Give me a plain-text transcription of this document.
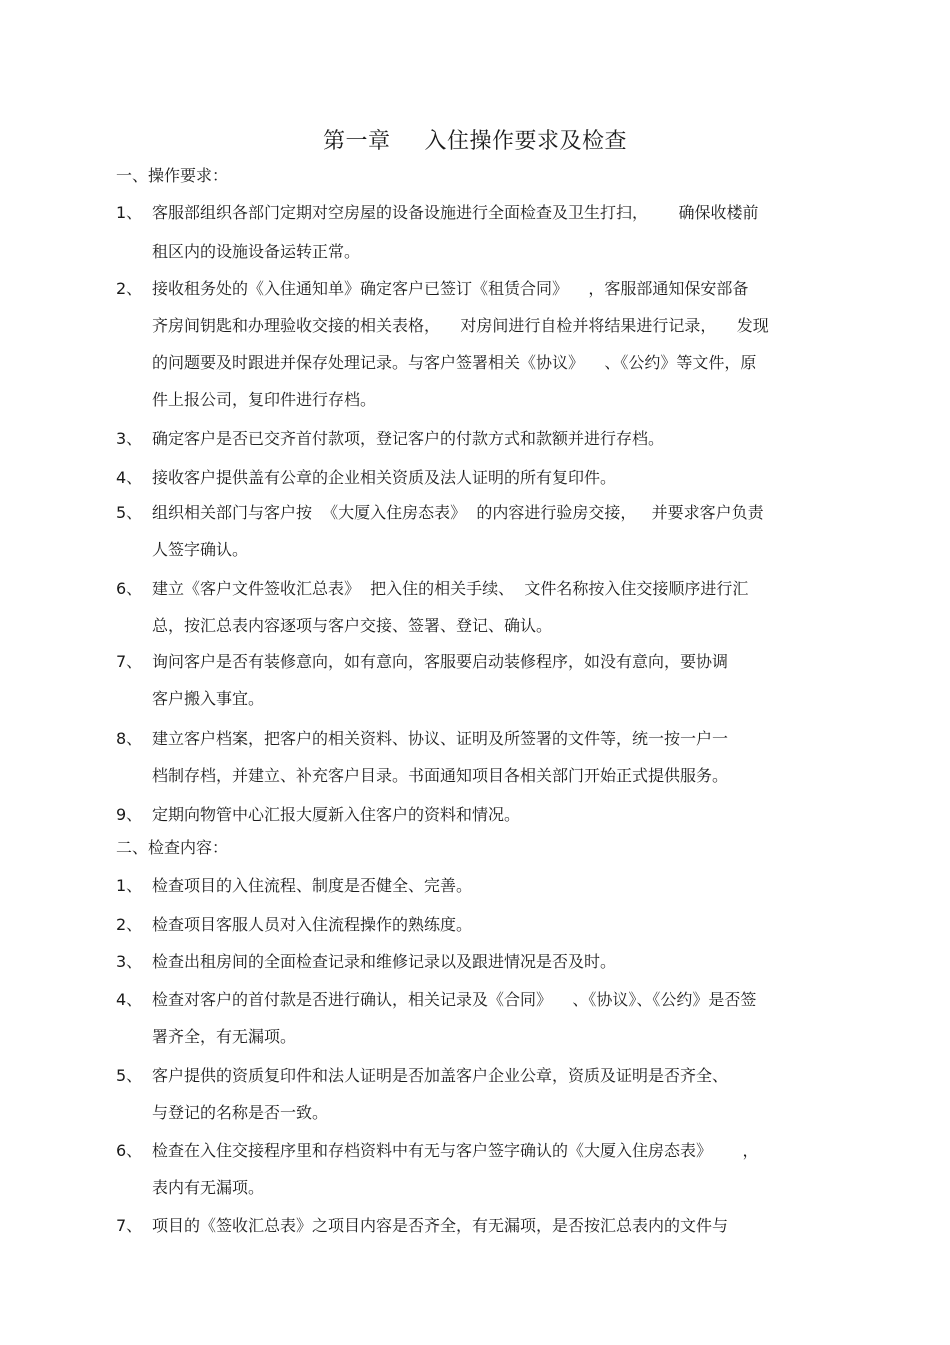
第一章 入住操作要求及检查
一、操作要求：
1、 客服部组织各部门定期对空房屋的设备设施进行全面检查及卫生打扫，      确保收楼前
租区内的设施设备运转正常。
2、 接收租务处的《入住通知单》确定客户已签订《租赁合同》    ，客服部通知保安部备
齐房间钥匙和办理验收交接的相关表格，    对房间进行自检并将结果进行记录，    发现
的问题要及时跟进并保存处理记录。与客户签署相关《协议》    、《公约》等文件，原
件上报公司，复印件进行存档。
3、 确定客户是否已交齐首付款项，登记客户的付款方式和款额并进行存档。
4、 接收客户提供盖有公章的企业相关资质及法人证明的所有复印件。
5、 组织相关部门与客户按  《大厦入住房态表》  的内容进行验房交接，   并要求客户负责
人签字确认。
6、 建立《客户文件签收汇总表》  把入住的相关手续、  文件名称按入住交接顺序进行汇
总，按汇总表内容逐项与客户交接、签署、登记、确认。
7、 询问客户是否有装修意向，如有意向，客服要启动装修程序，如没有意向，要协调
客户搬入事宜。
8、 建立客户档案，把客户的相关资料、协议、证明及所签署的文件等，统一按一户一
档制存档，并建立、补充客户目录。书面通知项目各相关部门开始正式提供服务。
9、 定期向物管中心汇报大厦新入住客户的资料和情况。
二、检查内容：
1、 检查项目的入住流程、制度是否健全、完善。
2、 检查项目客服人员对入住流程操作的熟练度。
3、 检查出租房间的全面检查记录和维修记录以及跟进情况是否及时。
4、 检查对客户的首付款是否进行确认，相关记录及《合同》    、《协议》、《公约》是否签
署齐全，有无漏项。
5、 客户提供的资质复印件和法人证明是否加盖客户企业公章，资质及证明是否齐全、
与登记的名称是否一致。
6、 检查在入住交接程序里和存档资料中有无与客户签字确认的《大厦入住房态表》      ，
表内有无漏项。
7、 项目的《签收汇总表》之项目内容是否齐全，有无漏项，是否按汇总表内的文件与
